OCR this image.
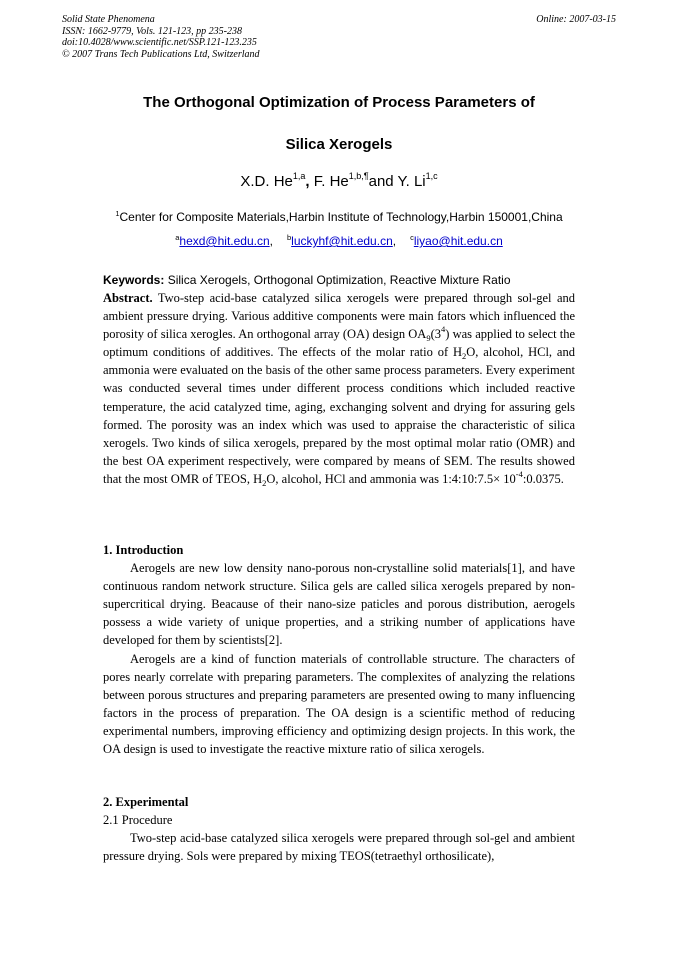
Solid State Phenomena
ISSN: 1662-9779, Vols. 121-123, pp 235-238
doi:10.4028/www.scientific.net/SSP.121-123.235
© 2007 Trans Tech Publications Ltd, Switzerland
Online: 2007-03-15
The Orthogonal Optimization of Process Parameters of
Silica Xerogels
X.D. He$^{1,a}$, F. $He^{1,b,\P}and$ Y. Li$^{1,c}$
$^1$Center for Composite Materials,Harbin Institute of Technology,Harbin 150001,China
$^a$hexd@hit.edu.cn, $^b$luckyhf@hit.edu.cn, $^c$liyao@hit.edu.cn
Keywords: Silica Xerogels, Orthogonal Optimization, Reactive Mixture Ratio

Abstract. Two-step acid-base catalyzed silica xerogels were prepared through sol-gel and ambient pressure drying. Various additive components were main fators which influenced the porosity of silica xerogles. An orthogonal array (OA) design $OA_9(3^4)$ was applied to select the optimum conditions of additives. The effects of the molar ratio of $H_2O$, alcohol, HCl, and ammonia were evaluated on the basis of the other same process parameters. Every experiment was conducted several times under different process conditions which included reactive temperature, the acid catalyzed time, aging, exchanging solvent and drying for assuring gels formed. The porosity was an index which was used to appraise the characteristic of silica xerogels. Two kinds of silica xerogels, prepared by the most optimal molar ratio (OMR) and the best OA experiment respectively, were compared by means of SEM. The results showed that the most OMR of TEOS, $H_2O$, alcohol, HCl and ammonia was 1:4:10:7.5× $10^{-4}:0.0375$.

1. Introduction

Aerogels are new low density nano-porous non-crystalline solid materials[1], and have continuous random network structure. Silica gels are called silica xerogels prepared by non-supercritical drying. Beacause of their nano-size paticles and porous distribution, aerogels possess a wide variety of unique properties, and a striking number of applications have developed for them by scientists[2].

Aerogels are a kind of function materials of controllable structure. The characters of pores nearly correlate with preparing parameters. The complexites of analyzing the relations between porous structures and preparing parameters are presented owing to many influencing factors in the process of preparation. The OA design is a scientific method of reducing experimental numbers, improving efficiency and optimizing design projects. In this work, the OA design is used to investigate the reactive mixture ratio of silica xerogels.

2. Experimental

2.1 Procedure

Two-step acid-base catalyzed silica xerogels were prepared through sol-gel and ambient pressure drying. Sols were prepared by mixing TEOS(tetraethyl orthosilicate),
